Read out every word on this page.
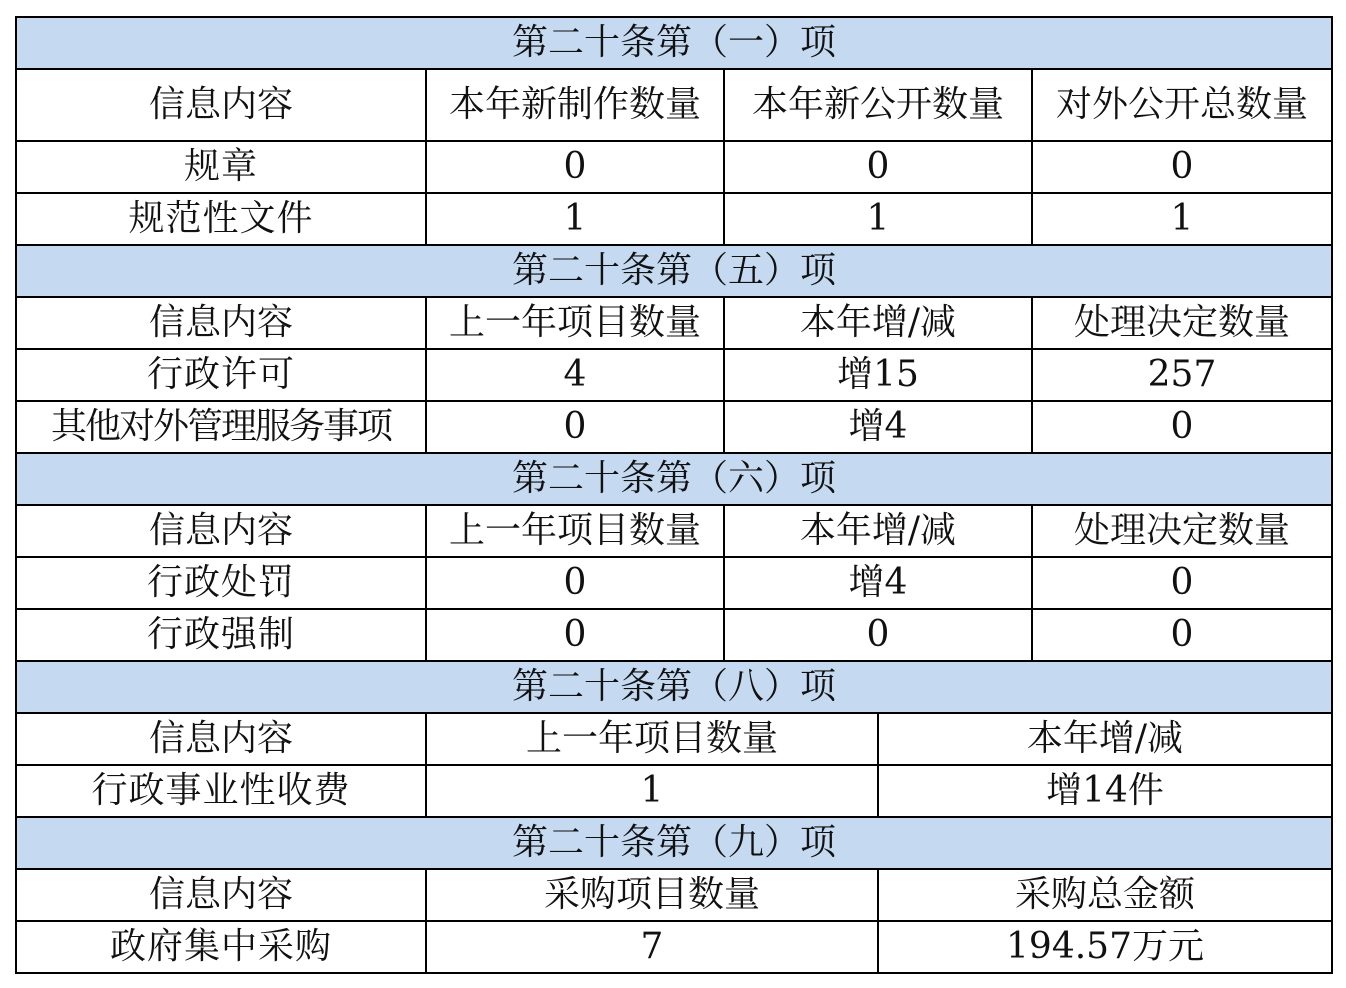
第二十条第（一）项				
信息内容	本年新制作数量	本年新公开数量		对外公开总数量
规章	0	0		0
规范性文件	1	1		1
第二十条第（五）项				
信息内容	上一年项目数量	本年增/减		处理决定数量
行政许可	4	增15		257
其他对外管理服务事项	0	增4		0
第二十条第（六）项				
信息内容	上一年项目数量	本年增/减		处理决定数量
行政处罚	0	增4		0
行政强制	0	0		0
第二十条第（八）项				
信息内容	上一年项目数量		本年增/减	
行政事业性收费	1		增14件	
第二十条第（九）项				
信息内容	采购项目数量		采购总金额	
政府集中采购	7		194.57万元	
